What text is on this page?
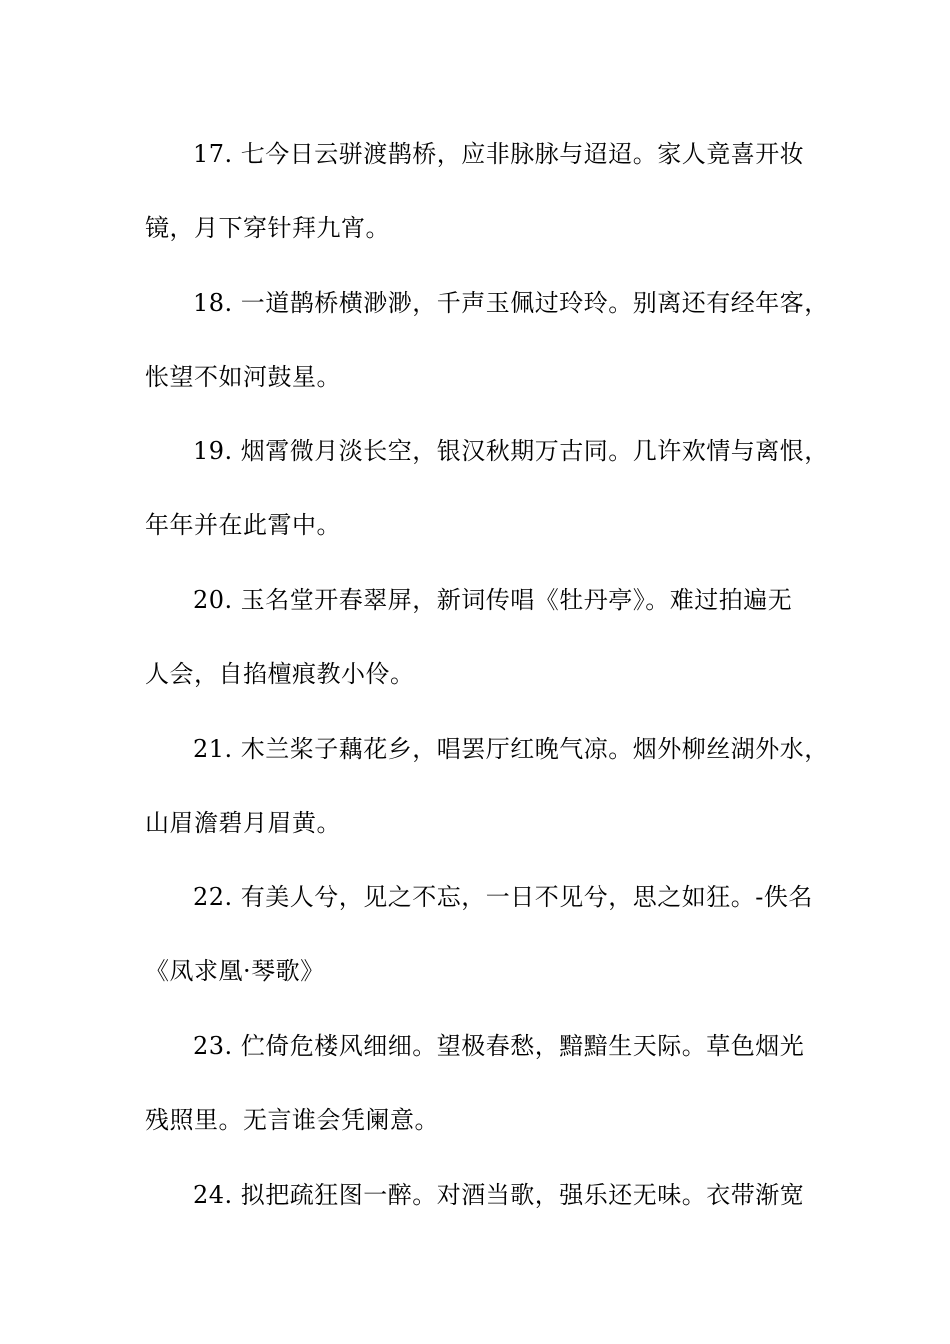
17. 七今日云骈渡鹊桥，应非脉脉与迢迢。家人竟喜开妆
镜，月下穿针拜九宵。
18. 一道鹊桥横渺渺，千声玉佩过玲玲。别离还有经年客，
怅望不如河鼓星。
19. 烟霄微月淡长空，银汉秋期万古同。几许欢情与离恨，
年年并在此霄中。
20. 玉名堂开春翠屏，新词传唱《牡丹亭》。难过拍遍无
人会，自掐檀痕教小伶。
21. 木兰桨子藕花乡，唱罢厅红晚气凉。烟外柳丝湖外水，
山眉澹碧月眉黄。
22. 有美人兮，见之不忘，一日不见兮，思之如狂。-佚名
《凤求凰·琴歌》
23. 伫倚危楼风细细。望极春愁，黯黯生天际。草色烟光
残照里。无言谁会凭阑意。
24. 拟把疏狂图一醉。对酒当歌，强乐还无味。衣带渐宽
